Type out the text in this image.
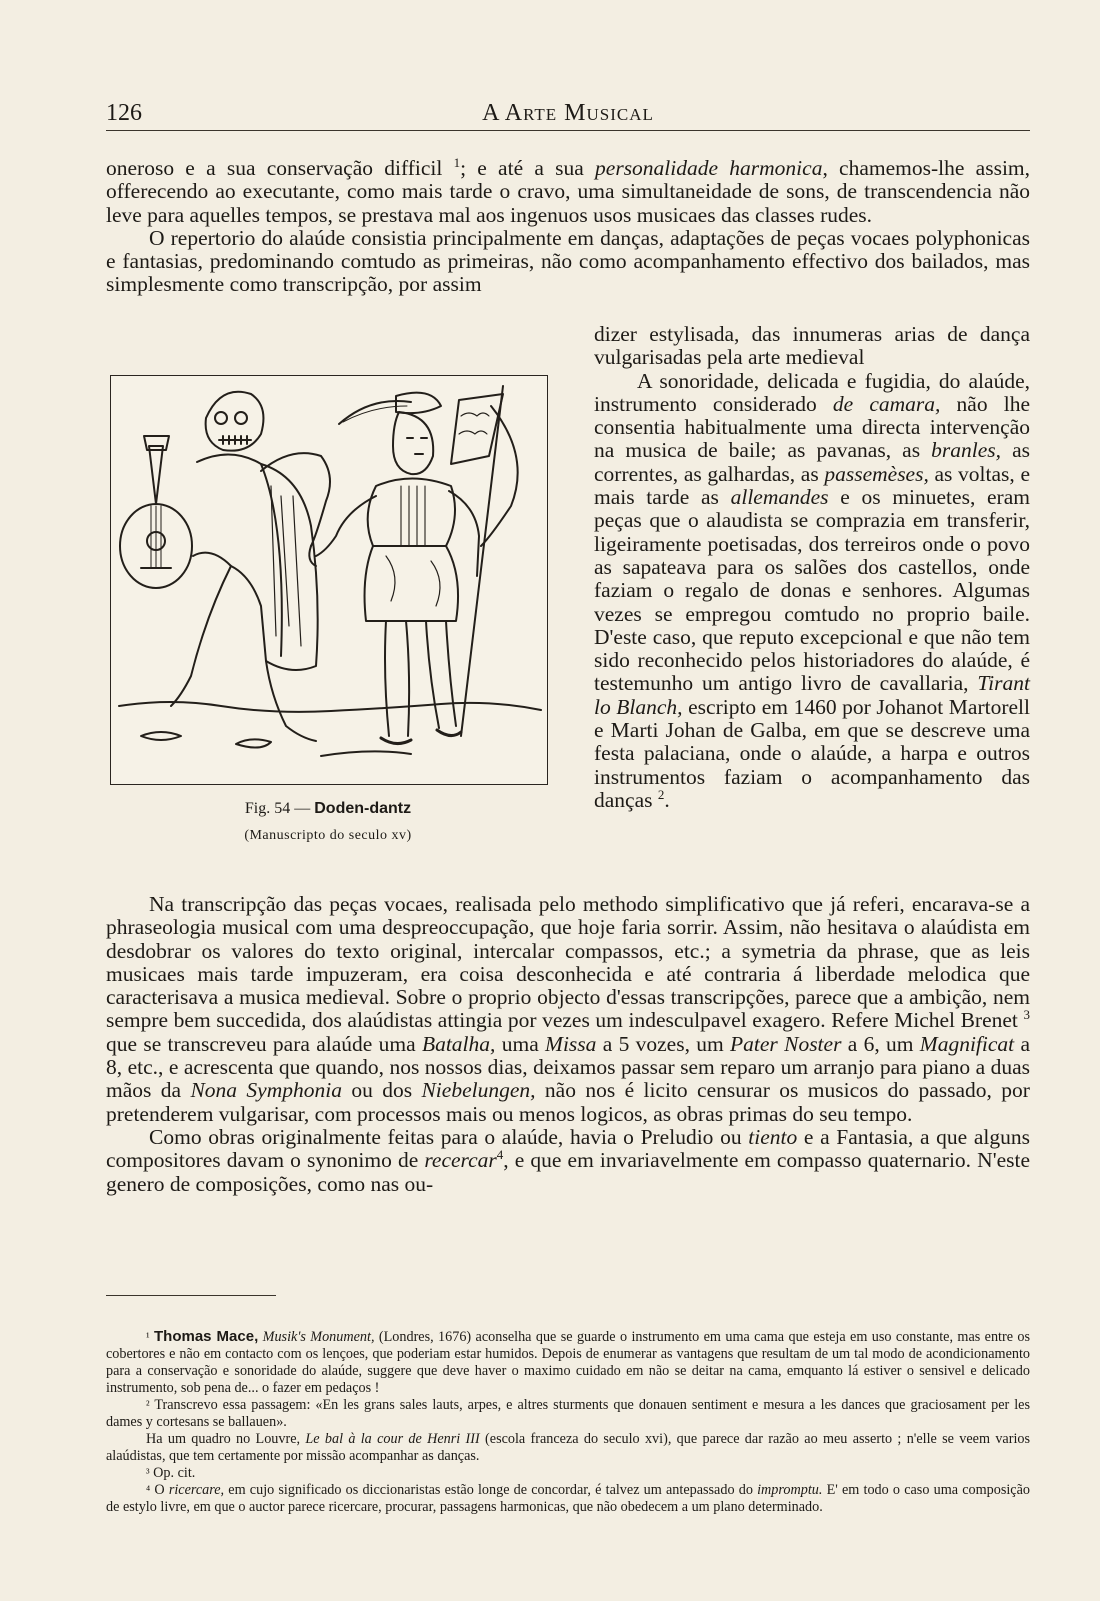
126	A Arte Musical

oneroso e a sua conservação difficil $^1$; e até a sua personalidade harmonica, chamemos-lhe assim, offerecendo ao executante, como mais tarde o cravo, uma simultaneidade de sons, de transcendencia não leve para aquelles tempos, se prestava mal aos ingenuos usos musicaes das classes rudes.

O repertorio do alaúde consistia principalmente em danças, adaptações de peças vocaes polyphonicas e fantasias, predominando comtudo as primeiras, não como acompanhamento effectivo dos bailados, mas simplesmente como transcripção, por assim

dizer estylisada, das innumeras arias de dança vulgarisadas pela arte medieval

A sonoridade, delicada e fugidia, do alaúde, instrumento considerado de camara, não lhe consentia habitualmente uma directa intervenção na musica de baile; as pavanas, as branles, as correntes, as galhardas, as passemèses, as voltas, e mais tarde as allemandes e os minuetes, eram peças que o alaudista se comprazia em transferir, ligeiramente poetisadas, dos terreiros onde o povo as sapateava para os salões dos castellos, onde faziam o regalo de donas e senhores. Algumas vezes se empregou comtudo no proprio baile. D'este caso, que reputo excepcional e que não tem sido reconhecido pelos historiadores do alaúde, é testemunho um antigo livro de cavallaria, Tirant lo Blanch, escripto em 1460 por Johanot Martorell e Marti Johan de Galba, em que se descreve uma festa palaciana, onde o alaúde, a harpa e outros instrumentos faziam o acompanhamento das danças $^2$.

Fig. 54 — Doden-dantz
(Manuscripto do seculo xv)

Na transcripção das peças vocaes, realisada pelo methodo simplificativo que já referi, encarava-se a phraseologia musical com uma despreoccupação, que hoje faria sorrir. Assim, não hesitava o alaúdista em desdobrar os valores do texto original, intercalar compassos, etc.; a symetria da phrase, que as leis musicaes mais tarde impuzeram, era coisa desconhecida e até contraria á liberdade melodica que caracterisava a musica medieval. Sobre o proprio objecto d'essas transcripções, parece que a ambição, nem sempre bem succedida, dos alaúdistas attingia por vezes um indesculpavel exagero. Refere Michel Brenet $^3$ que se transcreveu para alaúde uma Batalha, uma Missa a 5 vozes, um Pater Noster a 6, um Magnificat a 8, etc., e acrescenta que quando, nos nossos dias, deixamos passar sem reparo um arranjo para piano a duas mãos da Nona Symphonia ou dos Niebelungen, não nos é licito censurar os musicos do passado, por pretenderem vulgarisar, com processos mais ou menos logicos, as obras primas do seu tempo.

Como obras originalmente feitas para o alaúde, havia o Preludio ou tiento e a Fantasia, a que alguns compositores davam o synonimo de recercar$^4$, e que em invariavelmente em compasso quaternario. N'este genero de composições, como nas ou-

¹ Thomas Mace, Musik's Monument, (Londres, 1676) aconselha que se guarde o instrumento em uma cama que esteja em uso constante, mas entre os cobertores e não em contacto com os lençoes, que poderiam estar humidos. Depois de enumerar as vantagens que resultam de um tal modo de acondicionamento para a conservação e sonoridade do alaúde, suggere que deve haver o maximo cuidado em não se deitar na cama, emquanto lá estiver o sensivel e delicado instrumento, sob pena de... o fazer em pedaços !

² Transcrevo essa passagem: «En les grans sales lauts, arpes, e altres sturments que donauen sentiment e mesura a les dances que graciosament per les dames y cortesans se ballauen».

Ha um quadro no Louvre, Le bal à la cour de Henri III (escola franceza do seculo xvi), que parece dar razão ao meu asserto ; n'elle se veem varios alaúdistas, que tem certamente por missão acompanhar as danças.

³ Op. cit.

⁴ O ricercare, em cujo significado os diccionaristas estão longe de concordar, é talvez um antepassado do impromptu. E' em todo o caso uma composição de estylo livre, em que o auctor parece ricercare, procurar, passagens harmonicas, que não obedecem a um plano determinado.
